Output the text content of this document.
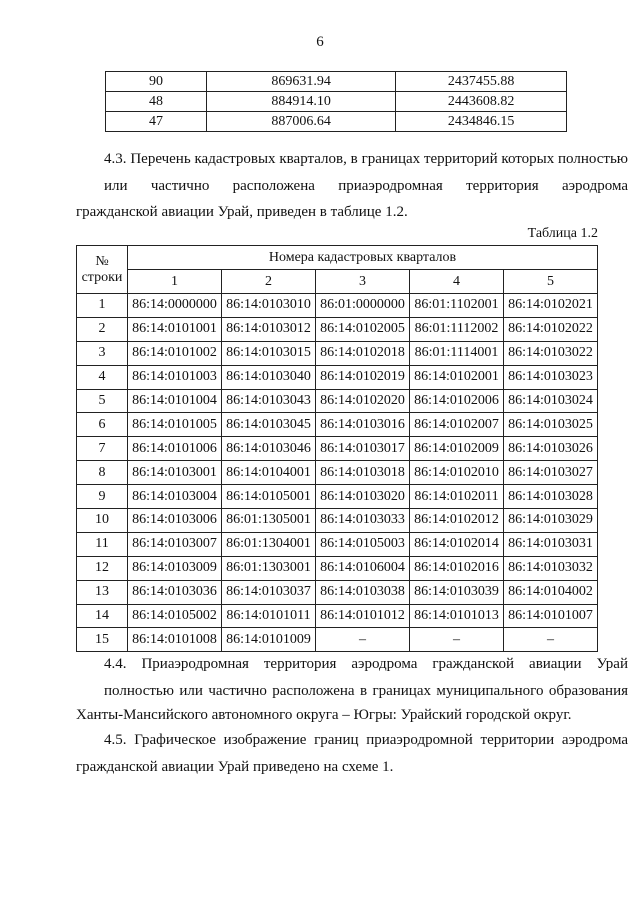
6
90	869631.94	2437455.88
48	884914.10	2443608.82
47	887006.64	2434846.15
4.3. Перечень кадастровых кварталов, в границах территорий которых полностью или частично расположена приаэродромная территория аэродрома
гражданской авиации Урай, приведен в таблице 1.2.
Таблица 1.2
№
строки	Номера кадастровых кварталов				
	1	2	3	4	5
1	86:14:0000000	86:14:0103010	86:01:0000000	86:01:1102001	86:14:0102021
2	86:14:0101001	86:14:0103012	86:14:0102005	86:01:1112002	86:14:0102022
3	86:14:0101002	86:14:0103015	86:14:0102018	86:01:1114001	86:14:0103022
4	86:14:0101003	86:14:0103040	86:14:0102019	86:14:0102001	86:14:0103023
5	86:14:0101004	86:14:0103043	86:14:0102020	86:14:0102006	86:14:0103024
6	86:14:0101005	86:14:0103045	86:14:0103016	86:14:0102007	86:14:0103025
7	86:14:0101006	86:14:0103046	86:14:0103017	86:14:0102009	86:14:0103026
8	86:14:0103001	86:14:0104001	86:14:0103018	86:14:0102010	86:14:0103027
9	86:14:0103004	86:14:0105001	86:14:0103020	86:14:0102011	86:14:0103028
10	86:14:0103006	86:01:1305001	86:14:0103033	86:14:0102012	86:14:0103029
11	86:14:0103007	86:01:1304001	86:14:0105003	86:14:0102014	86:14:0103031
12	86:14:0103009	86:01:1303001	86:14:0106004	86:14:0102016	86:14:0103032
13	86:14:0103036	86:14:0103037	86:14:0103038	86:14:0103039	86:14:0104002
14	86:14:0105002	86:14:0101011	86:14:0101012	86:14:0101013	86:14:0101007
15	86:14:0101008	86:14:0101009	–	–	–
4.4. Приаэродромная территория аэродрома гражданской авиации Урай полностью или частично расположена в границах муниципального образования
Ханты-Мансийского автономного округа – Югры: Урайский городской округ.
4.5. Графическое изображение границ приаэродромной территории аэродрома
гражданской авиации Урай приведено на схеме 1.
